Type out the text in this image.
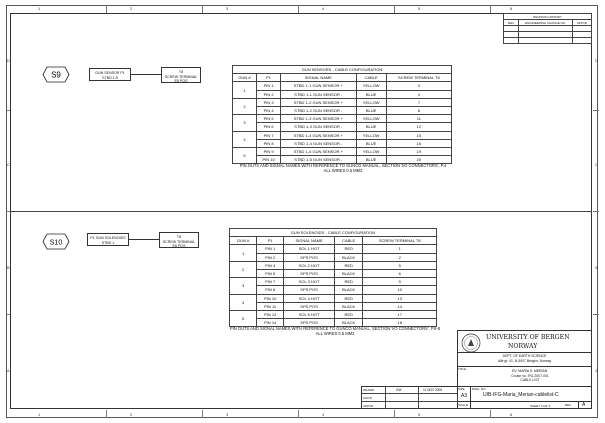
1
1
2
2
3
3
4
4
5
5
6
6
D	D
C	C
B	B
A	A
REVISION HISTORY		
REV	ENGINEERING CHANGE NO.	APPVD

S9	GUN SENSOR P1
STBD 1-5
T8
SCREW TERMINAL
E8 POS
GUN SENSORS - CABLE CONFIGURATION				
GUN #	P1	SIGNAL NAME	CABLE	SCREW TERMINAL T8
1	PIN 1	STBD 1-1 GUN SENSOR +	YELLOW	3
	PIN 2	STBD 1-1 GUN SENSOR -	BLUE	4
2	PIN 3	STBD 1-2 GUN SENSOR +	YELLOW	7
	PIN 4	STBD 1-2 GUN SENSOR -	BLUE	8
3	PIN 5	STBD 1-3 GUN SENSOR +	YELLOW	11
	PIN 6	STBD 1-3 GUN SENSOR -	BLUE	12
4	PIN 7	STBD 1-4 GUN SENSOR +	YELLOW	15
	PIN 8	STBD 1-4 GUN SENSOR -	BLUE	16
5	PIN 9	STBD 1-5 GUN SENSOR +	YELLOW	19
	PIN 10	STBD 1-5 GUN SENSOR -	BLUE	20
PIN OUTS AND SIGNAL NAMES WITH REFERENCE TO GUNCO MANUAL, SECTION 'I/O CONNECTORS', P.4
ALL WIRES 0.5 MM2
S10
P1 GUN SOLENOIDS
STBD 1
T8
SCREW TERMINAL
E8 POS
GUN SOLENOIDS - CABLE CONFIGURATION				
GUN #	P1	SIGNAL NAME	CABLE	SCREW TERMINAL T8
1	PIN 1	SOL 1 HOT	RED	1
	PIN 2	SPS POS	BLACK	2
2	PIN 4	SOL 2 HOT	RED	5
	PIN 5	SPS POS	BLACK	6
3	PIN 7	SOL 3 HOT	RED	9
	PIN 8	SPS POS	BLACK	10
4	PIN 10	SOL 4 HOT	RED	13
	PIN 11	SPS POS	BLACK	14
5	PIN 13	SOL 5 HOT	RED	17
	PIN 14	SPS POS	BLACK	18
PIN OUTS AND SIGNAL NAMES WITH REFERENCE TO GUNCO MANUAL, SECTION 'I/O CONNECTORS', P.6-8
ALL WIRES 0.5 MM2
UNIVERSITY OF BERGEN
NORWAY
DEPT. OF EARTH SCIENCE
Allé gt. 41, N-5007 Bergen, Norway
TITLE	RV 'MARIA S. MERIAN'
Cruise no. IFG-2007-001
CABLE LIST
DRAWN	GW	11 NOV 2006
CHK'D
APPVD
SIZE
A3
DWG. NO.
UIB-IFG-Maria_Merian-cablelist-C
SCALE	SHEET 3 OF 3	REV A
